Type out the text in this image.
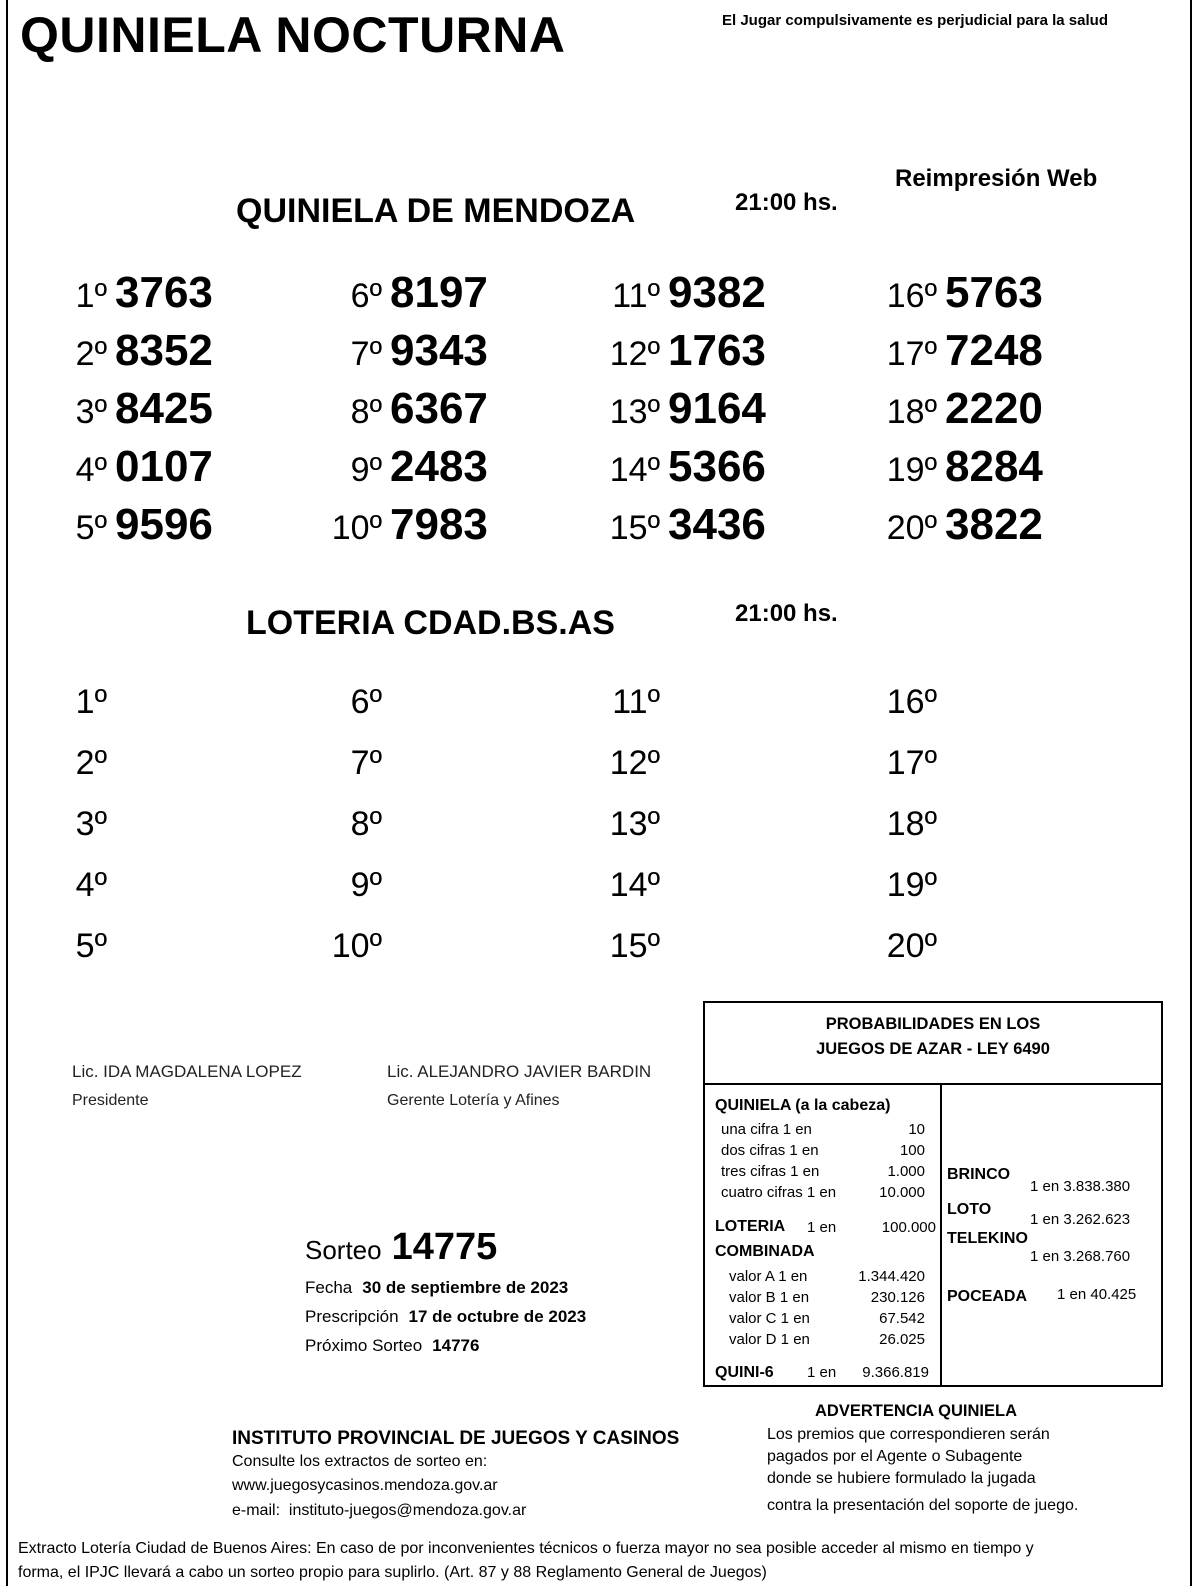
QUINIELA NOCTURNA	El Jugar compulsivamente es perjudicial para la salud
Reimpresión Web
QUINIELA DE MENDOZA	21:00 hs.
1º 3763
2º 8352
3º 8425
4º 0107
5º 9596
6º 8197
7º 9343
8º 6367
9º 2483
10º 7983
11º 9382
12º 1763
13º 9164
14º 5366
15º 3436
16º 5763
17º 7248
18º 2220
19º 8284
20º 3822
LOTERIA CDAD.BS.AS	21:00 hs.
1º
2º
3º
4º
5º
6º
7º
8º
9º
10º
11º
12º
13º
14º
15º
16º
17º
18º
19º
20º
Lic. IDA MAGDALENA LOPEZ
Presidente
Lic. ALEJANDRO JAVIER BARDIN
Gerente Lotería y Afines
Sorteo 14775
Fecha 30 de septiembre de 2023
Prescripción 17 de octubre de 2023
Próximo Sorteo 14776
PROBABILIDADES EN LOS
JUEGOS DE AZAR - LEY 6490
QUINIELA (a la cabeza)
una cifra 1 en	10
dos cifras 1 en	100
tres cifras 1 en	1.000
cuatro cifras 1 en	10.000
LOTERIA 1 en	100.000
COMBINADA
valor A 1 en	1.344.420
valor B 1 en	230.126
valor C 1 en	67.542
valor D 1 en	26.025
QUINI-6 1 en 9.366.819
BRINCO
1 en 3.838.380
LOTO
1 en 3.262.623
TELEKINO
1 en 3.268.760
POCEADA 1 en 40.425
ADVERTENCIA QUINIELA
Los premios que correspondieren serán
pagados por el Agente o Subagente
donde se hubiere formulado la jugada
contra la presentación del soporte de juego.
INSTITUTO PROVINCIAL DE JUEGOS Y CASINOS
Consulte los extractos de sorteo en:
www.juegosycasinos.mendoza.gov.ar
e-mail: instituto-juegos@mendoza.gov.ar
Extracto Lotería Ciudad de Buenos Aires: En caso de por inconvenientes técnicos o fuerza mayor no sea posible acceder al mismo en tiempo y
forma, el IPJC llevará a cabo un sorteo propio para suplirlo. (Art. 87 y 88 Reglamento General de Juegos)
